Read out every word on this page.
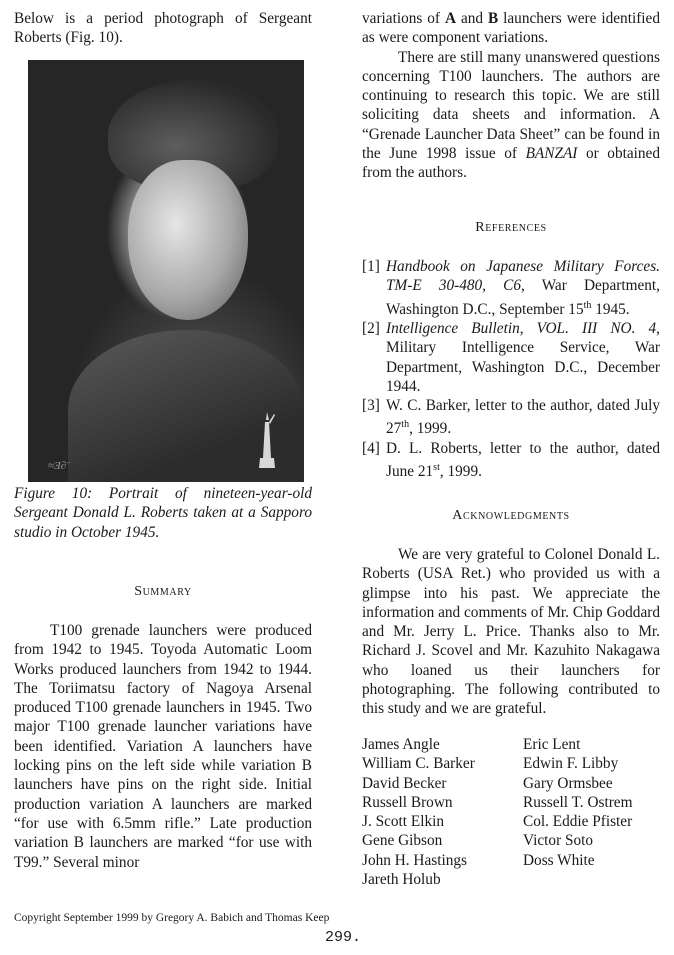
Below is a period photograph of Sergeant Roberts (Fig. 10).

≈Ǝ∂¨
Figure 10: Portrait of nineteen-year-old Sergeant Donald L. Roberts taken at a Sapporo studio in October 1945.
Summary

T100 grenade launchers were produced from 1942 to 1945. Toyoda Automatic Loom Works produced launchers from 1942 to 1944. The Toriimatsu factory of Nagoya Arsenal produced T100 grenade launchers in 1945. Two major T100 grenade launcher variations have been identified. Variation A launchers have locking pins on the left side while variation B launchers have pins on the right side. Initial production variation A launchers are marked “for use with 6.5mm rifle.” Late production variation B launchers are marked “for use with T99.” Several minor

variations of A and B launchers were identified as were component variations.

There are still many unanswered questions concerning T100 launchers. The authors are continuing to research this topic. We are still soliciting data sheets and information. A “Grenade Launcher Data Sheet” can be found in the June 1998 issue of BANZAI or obtained from the authors.

References
[1] Handbook on Japanese Military Forces. TM-E 30-480, C6, War Department, Washington D.C., September 15th 1945.
[2] Intelligence Bulletin, VOL. III NO. 4, Military Intelligence Service, War Department, Washington D.C., December 1944.
[3] W. C. Barker, letter to the author, dated July 27th, 1999.
[4] D. L. Roberts, letter to the author, dated June 21st, 1999.
Acknowledgments

We are very grateful to Colonel Donald L. Roberts (USA Ret.) who provided us with a glimpse into his past. We appreciate the information and comments of Mr. Chip Goddard and Mr. Jerry L. Price. Thanks also to Mr. Richard J. Scovel and Mr. Kazuhito Nakagawa who loaned us their launchers for photographing. The following contributed to this study and we are grateful.

James Angle
William C. Barker
David Becker
Russell Brown
J. Scott Elkin
Gene Gibson
John H. Hastings
Jareth Holub
Eric Lent
Edwin F. Libby
Gary Ormsbee
Russell T. Ostrem
Col. Eddie Pfister
Victor Soto
Doss White
Copyright September 1999 by Gregory A. Babich and Thomas Keep
299.
